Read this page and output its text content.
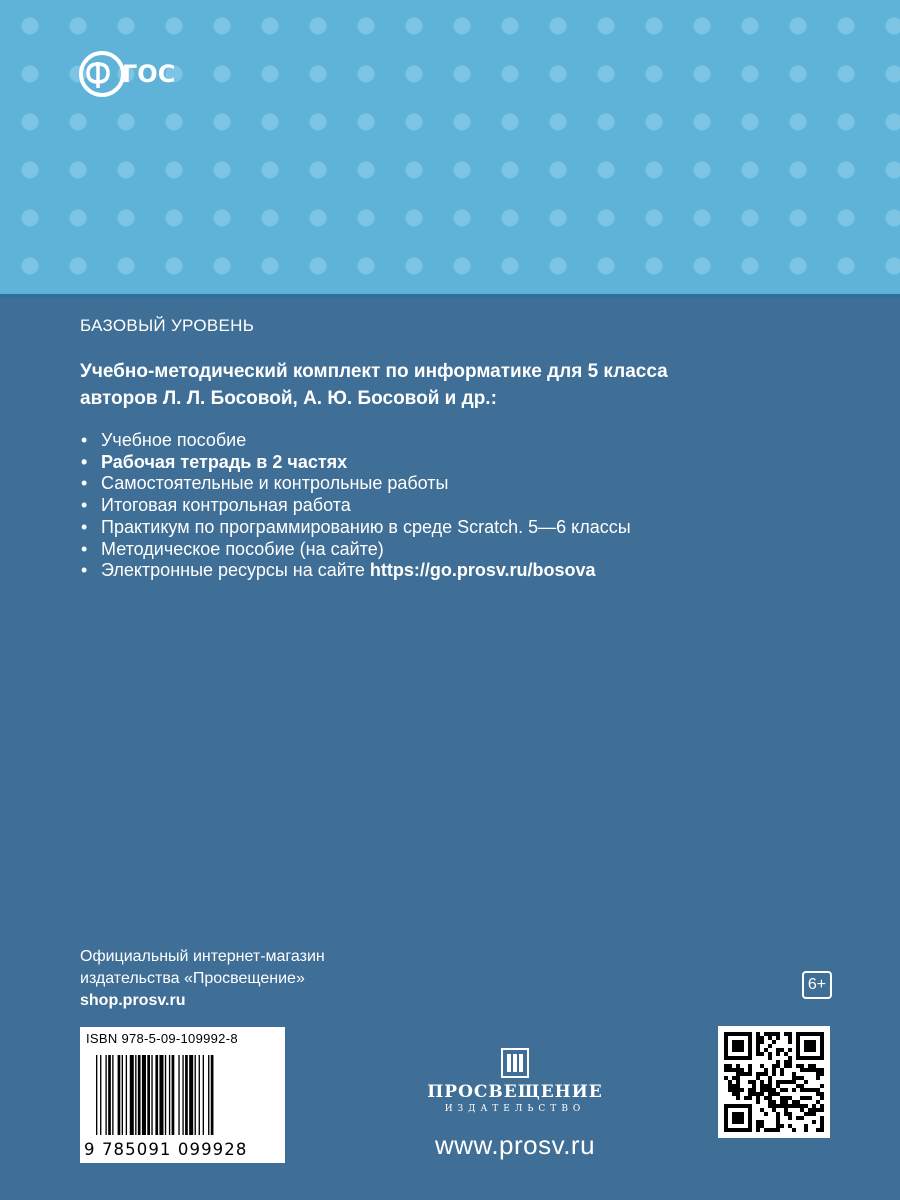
ГОС
БАЗОВЫЙ УРОВЕНЬ
Учебно-методический комплект по информатике для 5 класса
авторов Л. Л. Босовой, А. Ю. Босовой и др.:
• Учебное пособие
• Рабочая тетрадь в 2 частях
• Самостоятельные и контрольные работы
• Итоговая контрольная работа
• Практикум по программированию в среде Scratch. 5—6 классы
• Методическое пособие (на сайте)
• Электронные ресурсы на сайте https://go.prosv.ru/bosova
Официальный интернет-магазин
издательства «Просвещение»
shop.prosv.ru
6+
ISBN 978-5-09-109992-8
9 785091 099928
ПРОСВЕЩЕНИЕ
ИЗДАТЕЛЬСТВО
www.prosv.ru
